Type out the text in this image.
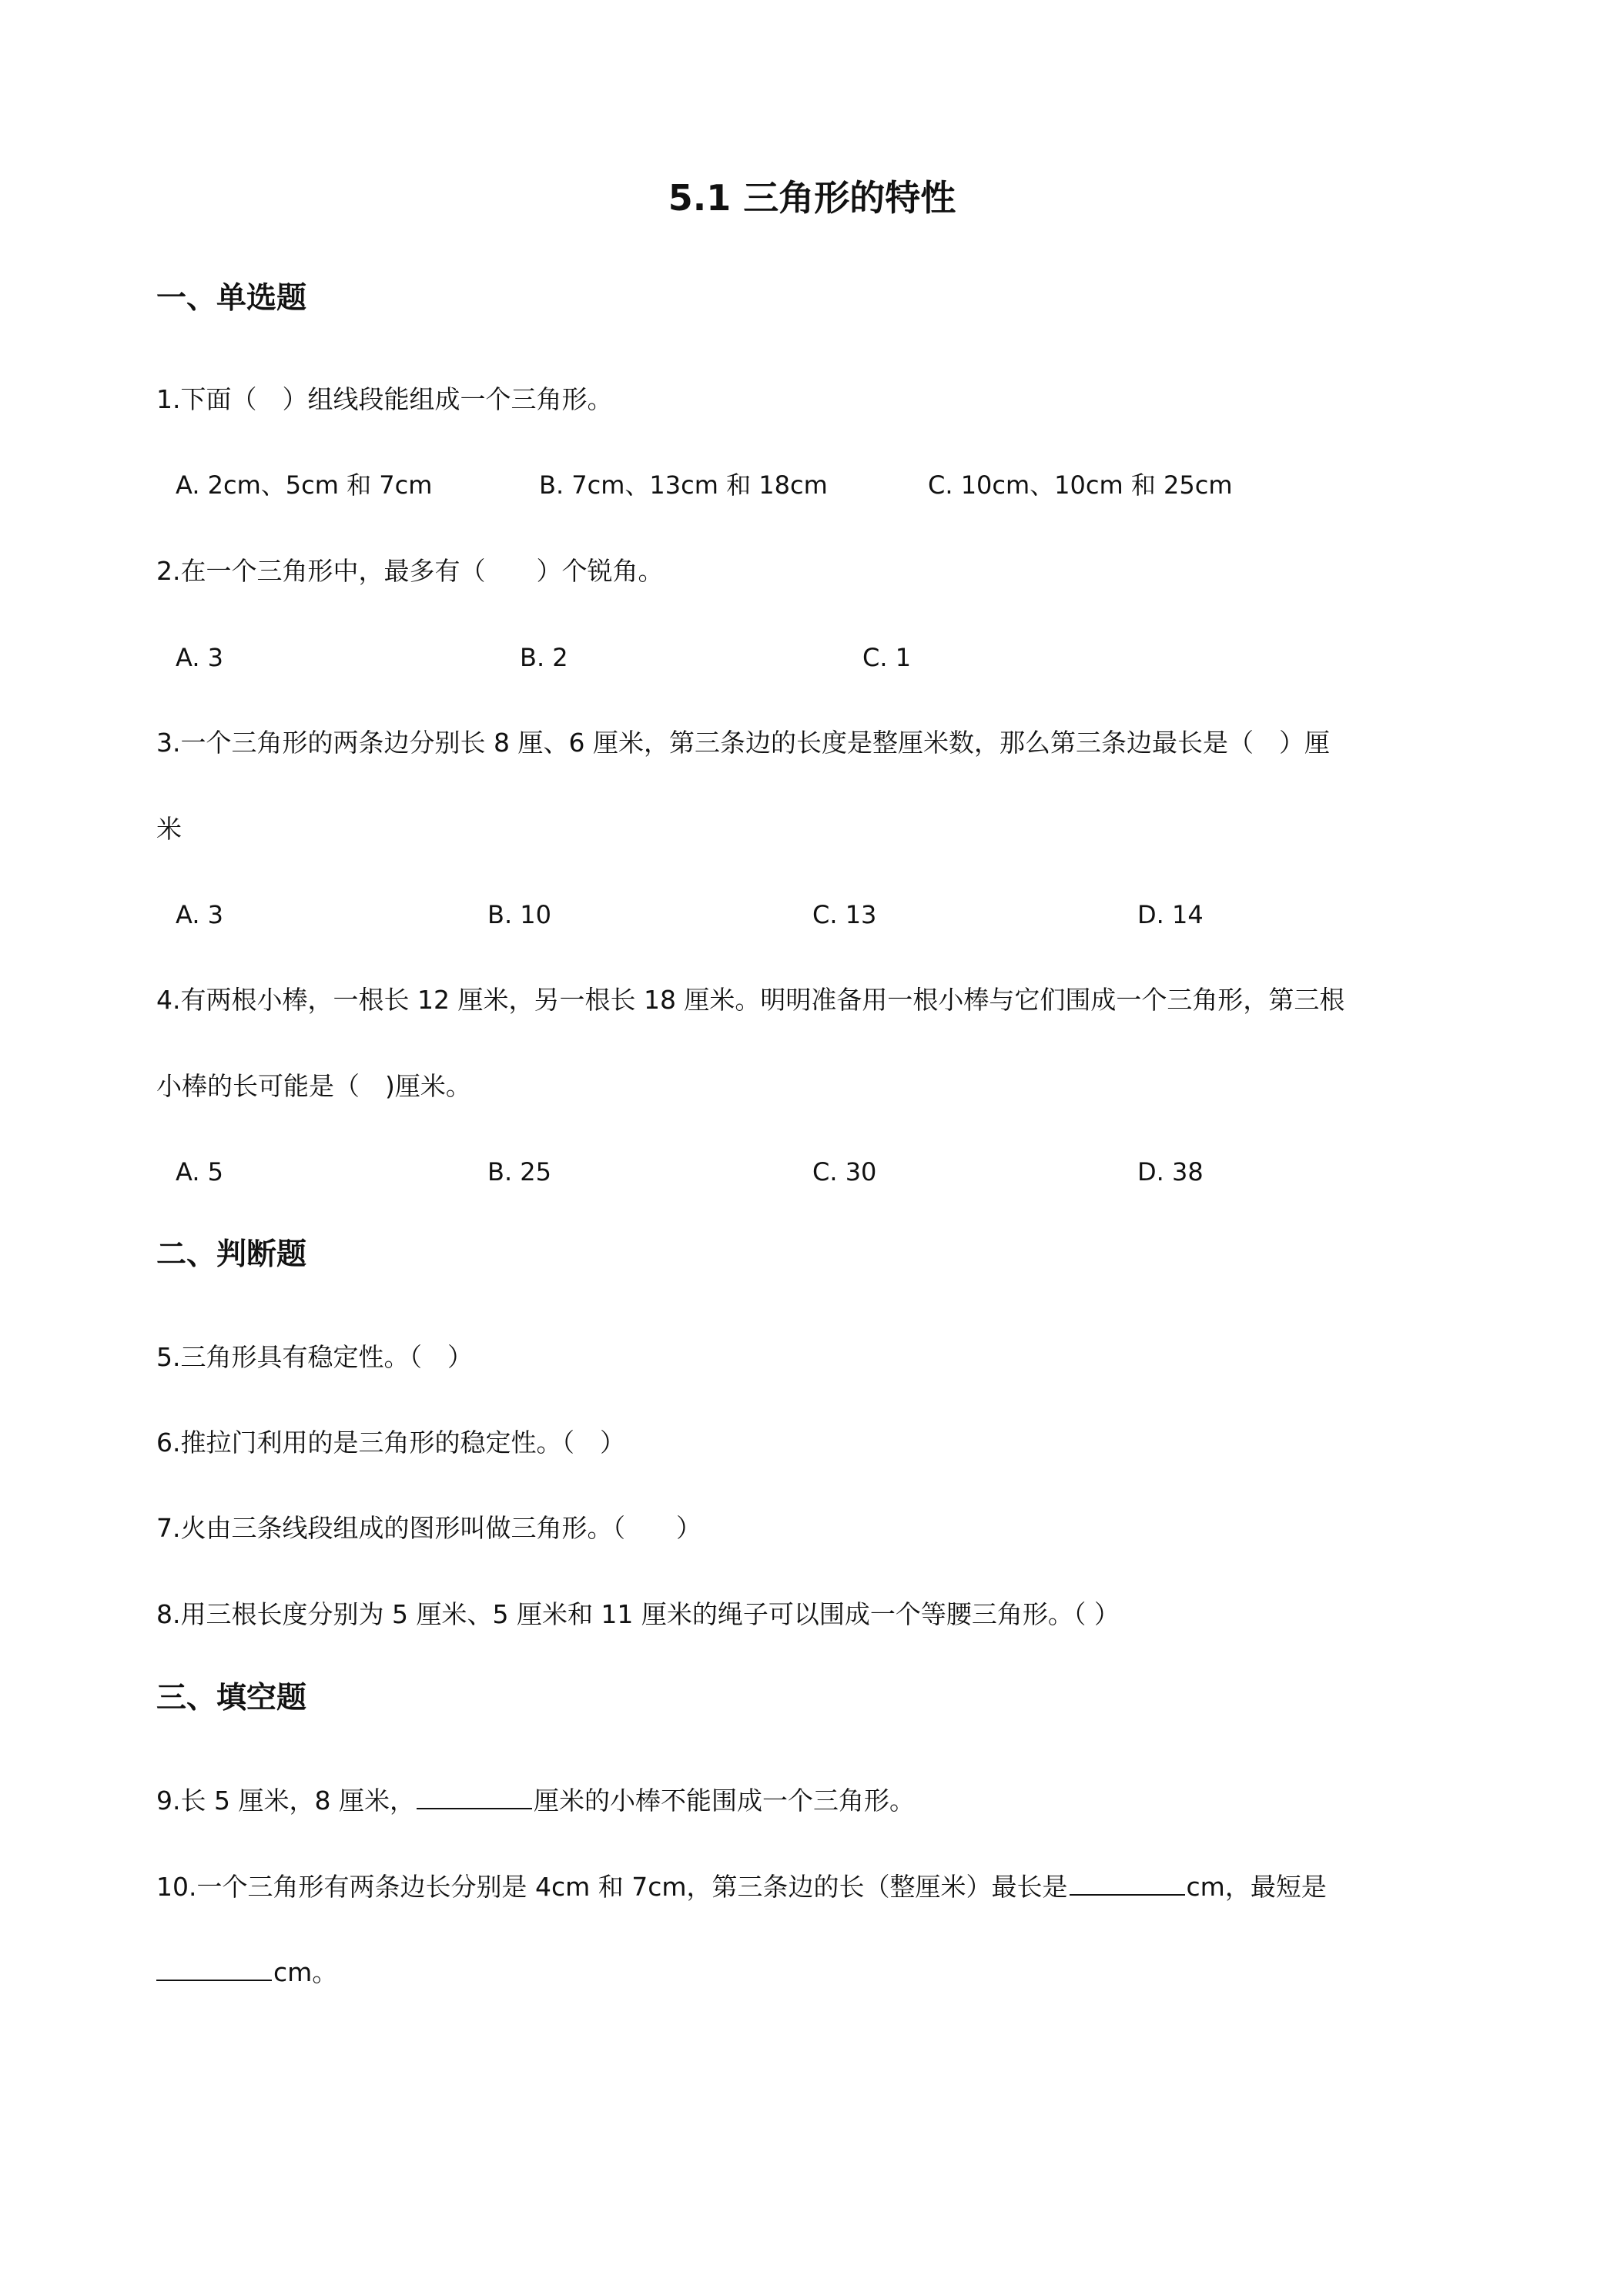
5.1 三角形的特性
一、单选题
1.下面（　）组线段能组成一个三角形。
A. 2cm、5cm 和 7cm	B. 7cm、13cm 和 18cm	C. 10cm、10cm 和 25cm
2.在一个三角形中，最多有（　　）个锐角。
A. 3	B. 2	C. 1
3.一个三角形的两条边分别长 8 厘、6 厘米，第三条边的长度是整厘米数，那么第三条边最长是（　）厘
米
A. 3	B. 10	C. 13	D. 14
4.有两根小棒，一根长 12 厘米，另一根长 18 厘米。明明准备用一根小棒与它们围成一个三角形，第三根
小棒的长可能是（　)厘米。
A. 5	B. 25	C. 30	D. 38
二、判断题
5.三角形具有稳定性。（　）
6.推拉门利用的是三角形的稳定性。（　）
7.火由三条线段组成的图形叫做三角形。（　　）
8.用三根长度分别为 5 厘米、5 厘米和 11 厘米的绳子可以围成一个等腰三角形。（ ）
三、填空题
9.长 5 厘米，8 厘米，	厘米的小棒不能围成一个三角形。
10.一个三角形有两条边长分别是 4cm 和 7cm，第三条边的长（整厘米）最长是	cm，最短是
cm。
